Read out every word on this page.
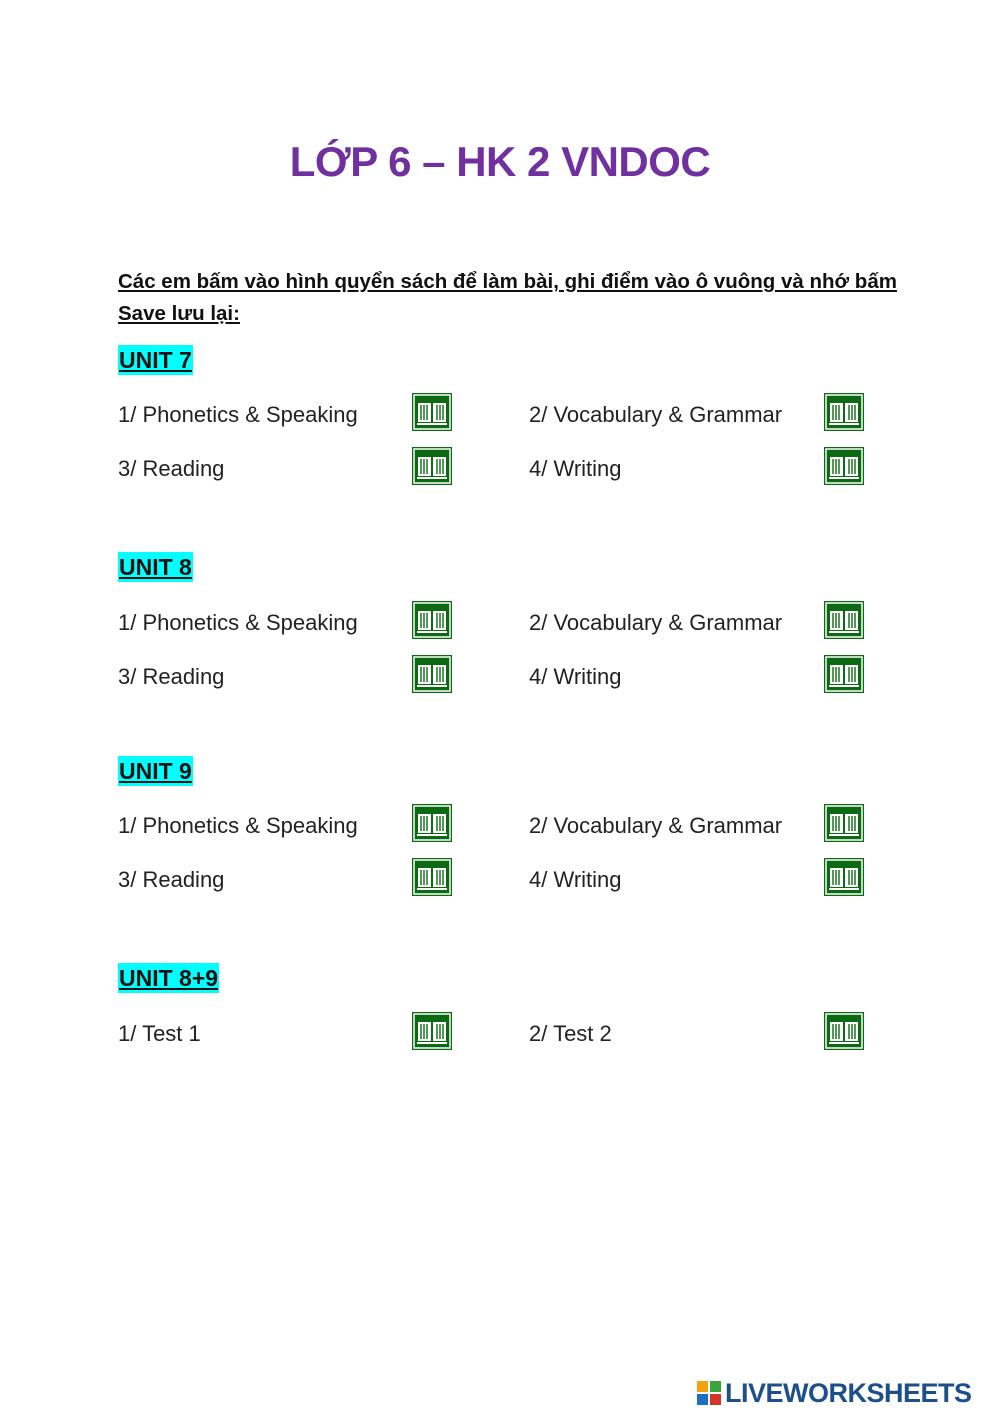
LỚP 6 – HK 2 VNDOC
Các em bấm vào hình quyển sách để làm bài, ghi điểm vào ô vuông và nhớ bấm Save lưu lại:
UNIT 7
1/ Phonetics & Speaking	2/ Vocabulary & Grammar
3/ Reading	4/ Writing
UNIT 8
1/ Phonetics & Speaking	2/ Vocabulary & Grammar
3/ Reading	4/ Writing
UNIT 9
1/ Phonetics & Speaking	2/ Vocabulary & Grammar
3/ Reading	4/ Writing
UNIT 8+9
1/ Test 1	2/ Test 2
LIVEWORKSHEETS
